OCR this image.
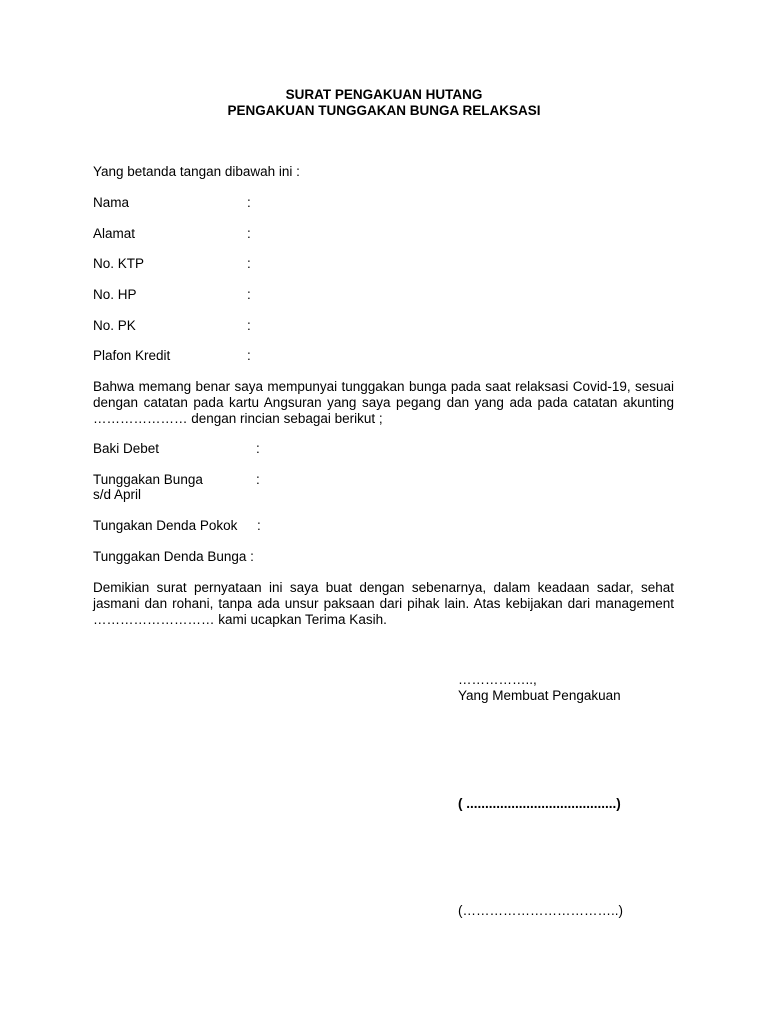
SURAT PENGAKUAN HUTANG
PENGAKUAN TUNGGAKAN BUNGA RELAKSASI
Yang betanda tangan dibawah ini :
Nama	:
Alamat	:
No. KTP	:
No. HP	:
No. PK	:
Plafon Kredit	:
Bahwa memang benar saya mempunyai tunggakan bunga pada saat relaksasi Covid-19, sesuai dengan catatan pada kartu Angsuran yang saya pegang dan yang ada pada catatan akunting ………………… dengan rincian sebagai berikut ;
Baki Debet	:
Tunggakan Bunga	:
s/d April
Tungakan Denda Pokok :
Tunggakan Denda Bunga :
Demikian surat pernyataan ini saya buat dengan sebenarnya, dalam keadaan sadar, sehat jasmani dan rohani, tanpa ada unsur paksaan dari pihak lain. Atas kebijakan dari management ……………………… kami ucapkan Terima Kasih.
……………..,
Yang Membuat Pengakuan
( ........................................)
(……………………………..)
